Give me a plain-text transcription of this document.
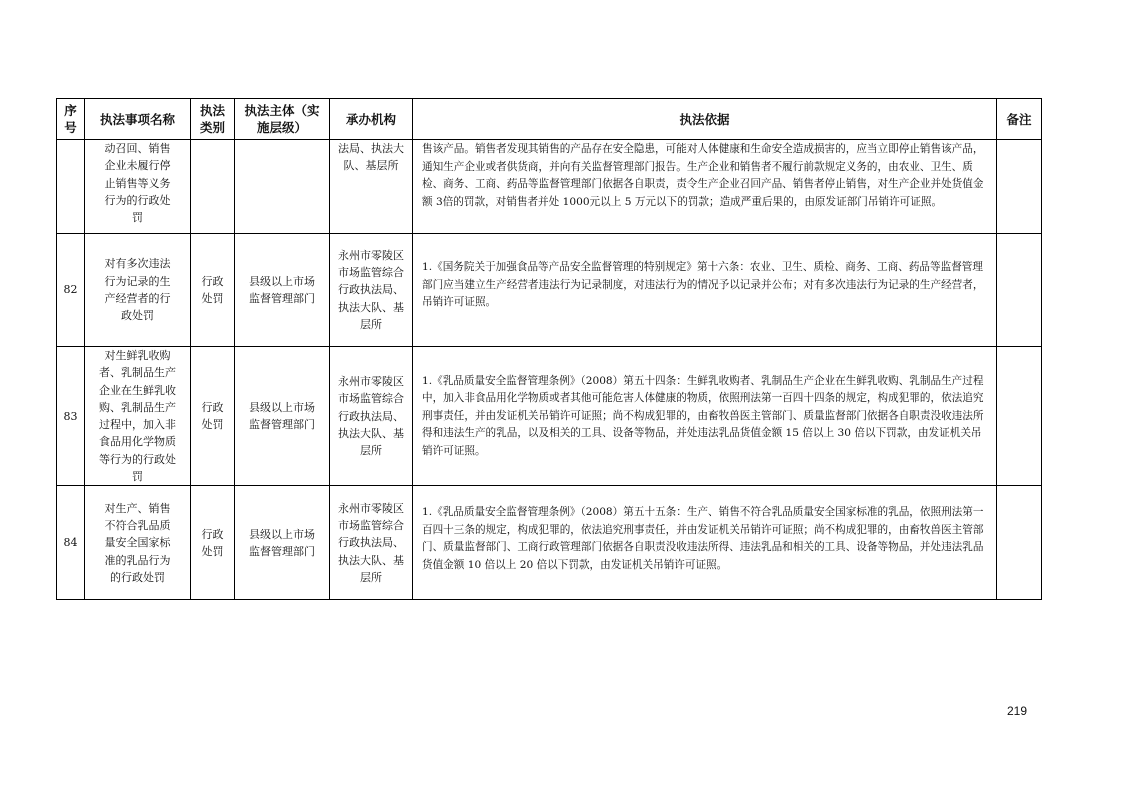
序号	执法事项名称	执法类别	执法主体（实施层级）	承办机构	执法依据	备注

	动召回、销售企业未履行停止销售等义务行为的行政处罚			法局、执法大队、基层所	售该产品。销售者发现其销售的产品存在安全隐患，可能对人体健康和生命安全造成损害的，应当立即停止销售该产品，通知生产企业或者供货商，并向有关监督管理部门报告。生产企业和销售者不履行前款规定义务的，由农业、卫生、质检、商务、工商、药品等监督管理部门依据各自职责，责令生产企业召回产品、销售者停止销售，对生产企业并处货值金额 3倍的罚款，对销售者并处 1000元以上 5 万元以下的罚款；造成严重后果的，由原发证部门吊销许可证照。	
82	对有多次违法行为记录的生产经营者的行政处罚	行政处罚	县级以上市场监督管理部门	永州市零陵区市场监管综合行政执法局、执法大队、基层所	1.《国务院关于加强食品等产品安全监督管理的特别规定》第十六条：农业、卫生、质检、商务、工商、药品等监督管理部门应当建立生产经营者违法行为记录制度，对违法行为的情况予以记录并公布；对有多次违法行为记录的生产经营者，吊销许可证照。	
83	对生鲜乳收购者、乳制品生产企业在生鲜乳收购、乳制品生产过程中，加入非食品用化学物质等行为的行政处罚	行政处罚	县级以上市场监督管理部门	永州市零陵区市场监管综合行政执法局、执法大队、基层所	1.《乳品质量安全监督管理条例》（2008）第五十四条：生鲜乳收购者、乳制品生产企业在生鲜乳收购、乳制品生产过程中，加入非食品用化学物质或者其他可能危害人体健康的物质，依照刑法第一百四十四条的规定，构成犯罪的，依法追究刑事责任，并由发证机关吊销许可证照；尚不构成犯罪的，由畜牧兽医主管部门、质量监督部门依据各自职责没收违法所得和违法生产的乳品，以及相关的工具、设备等物品，并处违法乳品货值金额 15 倍以上 30 倍以下罚款，由发证机关吊销许可证照。	
84	对生产、销售不符合乳品质量安全国家标准的乳品行为的行政处罚	行政处罚	县级以上市场监督管理部门	永州市零陵区市场监管综合行政执法局、执法大队、基层所	1.《乳品质量安全监督管理条例》（2008）第五十五条：生产、销售不符合乳品质量安全国家标准的乳品，依照刑法第一百四十三条的规定，构成犯罪的，依法追究刑事责任，并由发证机关吊销许可证照；尚不构成犯罪的，由畜牧兽医主管部门、质量监督部门、工商行政管理部门依据各自职责没收违法所得、违法乳品和相关的工具、设备等物品，并处违法乳品货值金额 10 倍以上 20 倍以下罚款，由发证机关吊销许可证照。	
219
